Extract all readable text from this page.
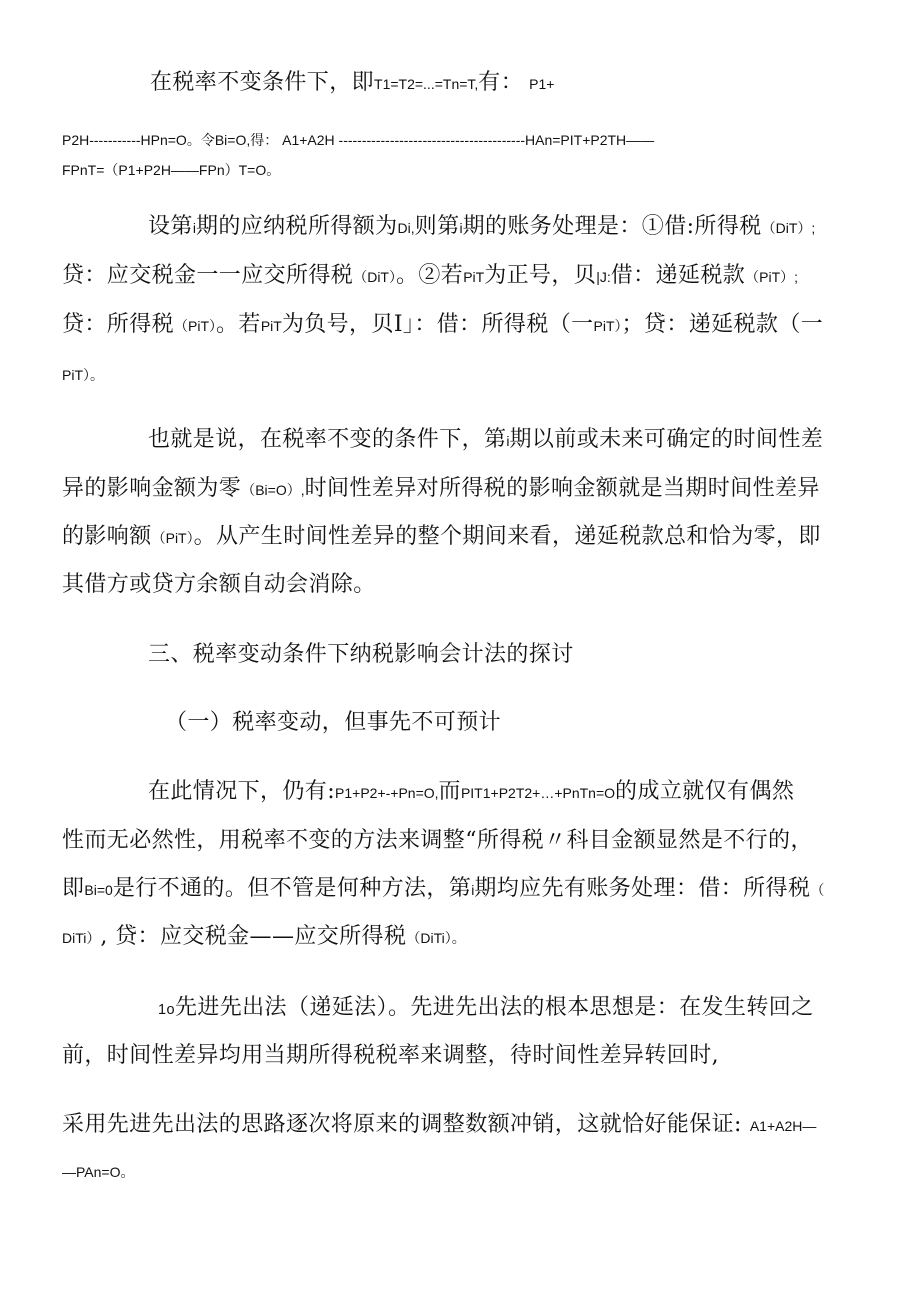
在税率不变条件下，即T1=T2=...=Tn=T,有： P1+

P2H-----------HPn=O。令Bi=O,得： A1+A2H ----------------------------------------HAn=PIT+P2TH——

FPnT=（P1+P2H——FPn）T=O。

设第i期的应纳税所得额为Di,则第i期的账务处理是：①借:所得税（DiT）;

贷：应交税金一一应交所得税（DiT）。②若PiT为正号，贝|J:借：递延税款（PiT）;

贷：所得税（PiT）。若PiT为负号，贝I」：借：所得税（一PiT）；贷：递延税款（一

PiT）。

也就是说，在税率不变的条件下，第i期以前或未来可确定的时间性差

异的影响金额为零（Bi=O）,时间性差异对所得税的影响金额就是当期时间性差异

的影响额（PiT）。从产生时间性差异的整个期间来看，递延税款总和恰为零，即

其借方或贷方余额自动会消除。

三、税率变动条件下纳税影响会计法的探讨

（一）税率变动，但事先不可预计

在此情况下，仍有:P1+P2+-+Pn=O,而PIT1+P2T2+…+PnTn=O的成立就仅有偶然

性而无必然性，用税率不变的方法来调整“所得税〃科目金额显然是不行的，

即Bi=0是行不通的。但不管是何种方法，第i期均应先有账务处理：借：所得税（

DiTi）, 贷：应交税金——应交所得税（DiTi）。

1o先进先出法（递延法）。先进先出法的根本思想是：在发生转回之

前，时间性差异均用当期所得税税率来调整，待时间性差异转回时,

采用先进先出法的思路逐次将原来的调整数额冲销，这就恰好能保证: A1+A2H—

—PAn=O。
